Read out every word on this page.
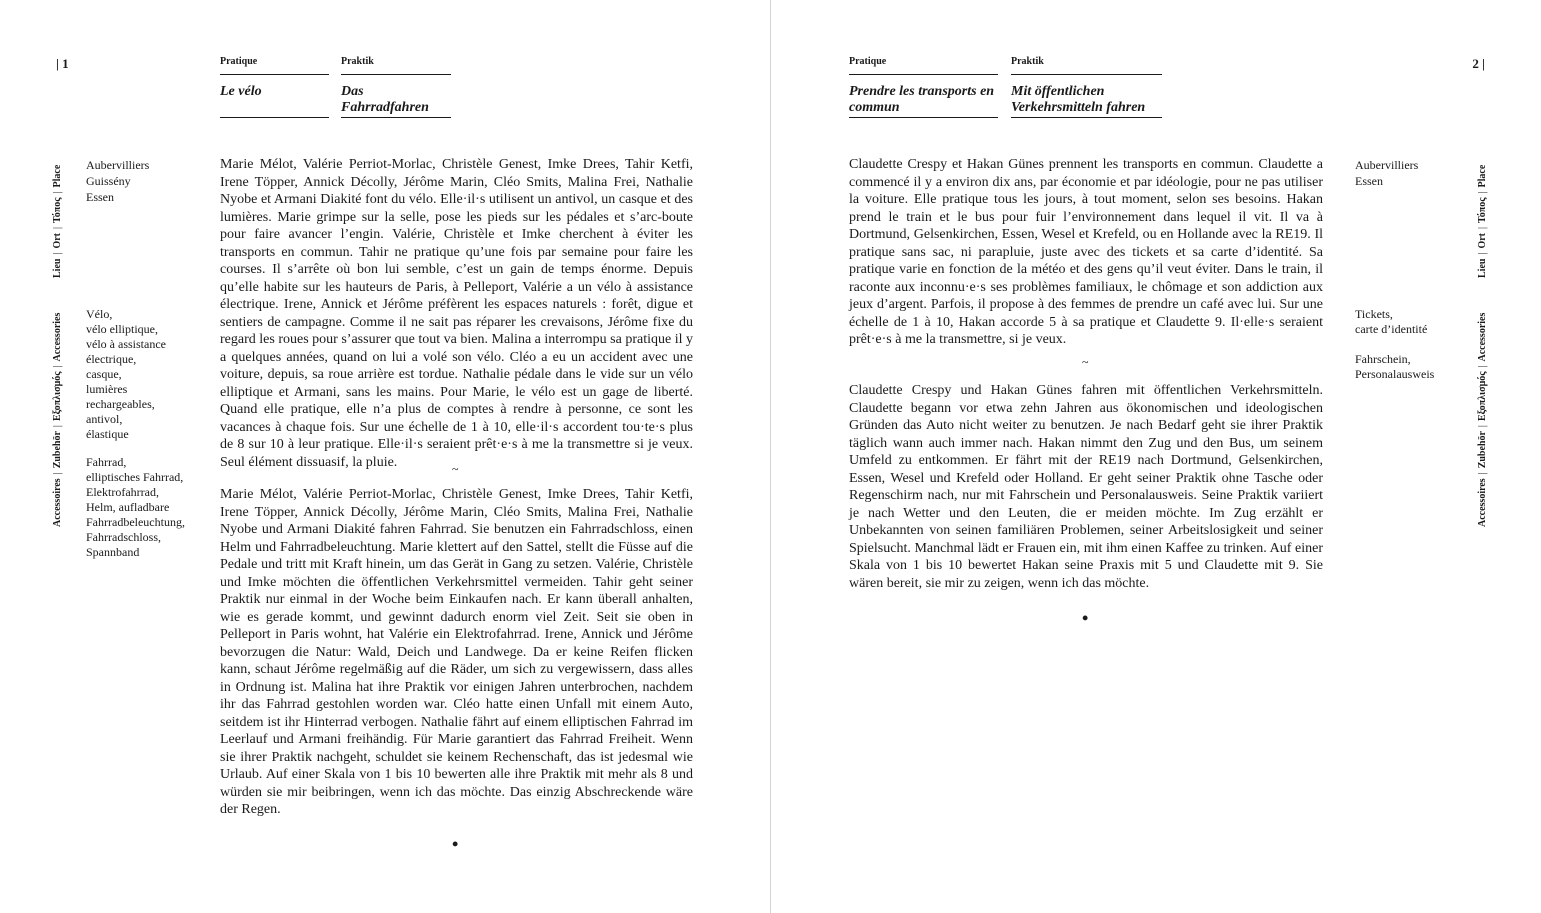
| 1	Pratique
Le vélo
Praktik
Das Fahrradfahren
Lieu|Ort|Τόπος|Place
Accessoires|Zubehör|Εξοπλισμός|Accessories
Aubervilliers
Guissény
Essen
Vélo,
vélo elliptique,
vélo à assistance
électrique,
casque,
lumières
rechargeables,
antivol,
élastique
Fahrrad,
elliptisches Fahrrad,
Elektrofahrrad,
Helm, aufladbare
Fahrradbeleuchtung,
Fahrradschloss,
Spannband

Marie Mélot, Valérie Perriot-Morlac, Christèle Genest, Imke Drees, Tahir Ketfi, Irene Töpper, Annick Décolly, Jérôme Marin, Cléo Smits, Malina Frei, Nathalie Nyobe et Armani Diakité font du vélo. Elle·il·s utilisent un antivol, un casque et des lumières. Marie grimpe sur la selle, pose les pieds sur les pédales et s’arc-boute pour faire avancer l’engin. Valérie, Christèle et Imke cherchent à éviter les transports en commun. Tahir ne pratique qu’une fois par semaine pour faire les courses. Il s’arrête où bon lui semble, c’est un gain de temps énorme. Depuis qu’elle habite sur les hauteurs de Paris, à Pelleport, Valérie a un vélo à assistance électrique. Irene, Annick et Jérôme préfèrent les espaces naturels : forêt, digue et sentiers de campagne. Comme il ne sait pas réparer les crevaisons, Jérôme fixe du regard les roues pour s’assurer que tout va bien. Malina a interrompu sa pratique il y a quelques années, quand on lui a volé son vélo. Cléo a eu un accident avec une voiture, depuis, sa roue arrière est tordue. Nathalie pédale dans le vide sur un vélo elliptique et Armani, sans les mains. Pour Marie, le vélo est un gage de liberté. Quand elle pratique, elle n’a plus de comptes à rendre à personne, ce sont les vacances à chaque fois. Sur une échelle de 1 à 10, elle·il·s accordent tou·te·s plus de 8 sur 10 à leur pratique. Elle·il·s seraient prêt·e·s à me la transmettre si je veux. Seul élément dissuasif, la pluie.	~

Marie Mélot, Valérie Perriot-Morlac, Christèle Genest, Imke Drees, Tahir Ketfi, Irene Töpper, Annick Décolly, Jérôme Marin, Cléo Smits, Malina Frei, Nathalie Nyobe und Armani Diakité fahren Fahrrad. Sie benutzen ein Fahrradschloss, einen Helm und Fahrradbeleuchtung. Marie klettert auf den Sattel, stellt die Füsse auf die Pedale und tritt mit Kraft hinein, um das Gerät in Gang zu setzen. Valérie, Christèle und Imke möchten die öffentlichen Verkehrsmittel vermeiden. Tahir geht seiner Praktik nur einmal in der Woche beim Einkaufen nach. Er kann überall anhalten, wie es gerade kommt, und gewinnt dadurch enorm viel Zeit. Seit sie oben in Pelleport in Paris wohnt, hat Valérie ein Elektrofahrrad. Irene, Annick und Jérôme bevorzugen die Natur: Wald, Deich und Landwege. Da er keine Reifen flicken kann, schaut Jérôme regelmäßig auf die Räder, um sich zu vergewissern, dass alles in Ordnung ist. Malina hat ihre Praktik vor einigen Jahren unterbrochen, nachdem ihr das Fahrrad gestohlen worden war. Cléo hatte einen Unfall mit einem Auto, seitdem ist ihr Hinterrad verbogen. Nathalie fährt auf einem elliptischen Fahrrad im Leerlauf und Armani freihändig. Für Marie garantiert das Fahrrad Freiheit. Wenn sie ihrer Praktik nachgeht, schuldet sie keinem Rechenschaft, das ist jedesmal wie Urlaub. Auf einer Skala von 1 bis 10 bewerten alle ihre Praktik mit mehr als 8 und würden sie mir beibringen, wenn ich das möchte. Das einzig Abschreckende wäre der Regen.

•
2 |
Pratique
Prendre les transports en commun
Praktik
Mit öffentlichen Verkehrsmitteln fahren

Claudette Crespy et Hakan Günes prennent les transports en commun. Claudette a commencé il y a environ dix ans, par économie et par idéologie, pour ne pas utiliser la voiture. Elle pratique tous les jours, à tout moment, selon ses besoins. Hakan prend le train et le bus pour fuir l’environnement dans lequel il vit. Il va à Dortmund, Gelsenkirchen, Essen, Wesel et Krefeld, ou en Hollande avec la RE19. Il pratique sans sac, ni parapluie, juste avec des tickets et sa carte d’identité. Sa pratique varie en fonction de la météo et des gens qu’il veut éviter. Dans le train, il raconte aux inconnu·e·s ses problèmes familiaux, le chômage et son addiction aux jeux d’argent. Parfois, il propose à des femmes de prendre un café avec lui. Sur une échelle de 1 à 10, Hakan accorde 5 à sa pratique et Claudette 9. Il·elle·s seraient prêt·e·s à me la transmettre, si je veux.

~

Claudette Crespy und Hakan Günes fahren mit öffentlichen Verkehrsmitteln. Claudette begann vor etwa zehn Jahren aus ökonomischen und ideologischen Gründen das Auto nicht weiter zu benutzen. Je nach Bedarf geht sie ihrer Praktik täglich wann auch immer nach. Hakan nimmt den Zug und den Bus, um seinem Umfeld zu entkommen. Er fährt mit der RE19 nach Dortmund, Gelsenkirchen, Essen, Wesel und Krefeld oder Holland. Er geht seiner Praktik ohne Tasche oder Regenschirm nach, nur mit Fahrschein und Personalausweis. Seine Praktik variiert je nach Wetter und den Leuten, die er meiden möchte. Im Zug erzählt er Unbekannten von seinen familiären Problemen, seiner Arbeitslosigkeit und seiner Spielsucht. Manchmal lädt er Frauen ein, mit ihm einen Kaffee zu trinken. Auf einer Skala von 1 bis 10 bewertet Hakan seine Praxis mit 5 und Claudette mit 9. Sie wären bereit, sie mir zu zeigen, wenn ich das möchte.

•
Aubervilliers
Essen
Tickets,
carte d’identité
Fahrschein,
Personalausweis
Lieu|Ort|Τόπος|Place
Accessoires|Zubehör|Εξοπλισμός|Accessories
